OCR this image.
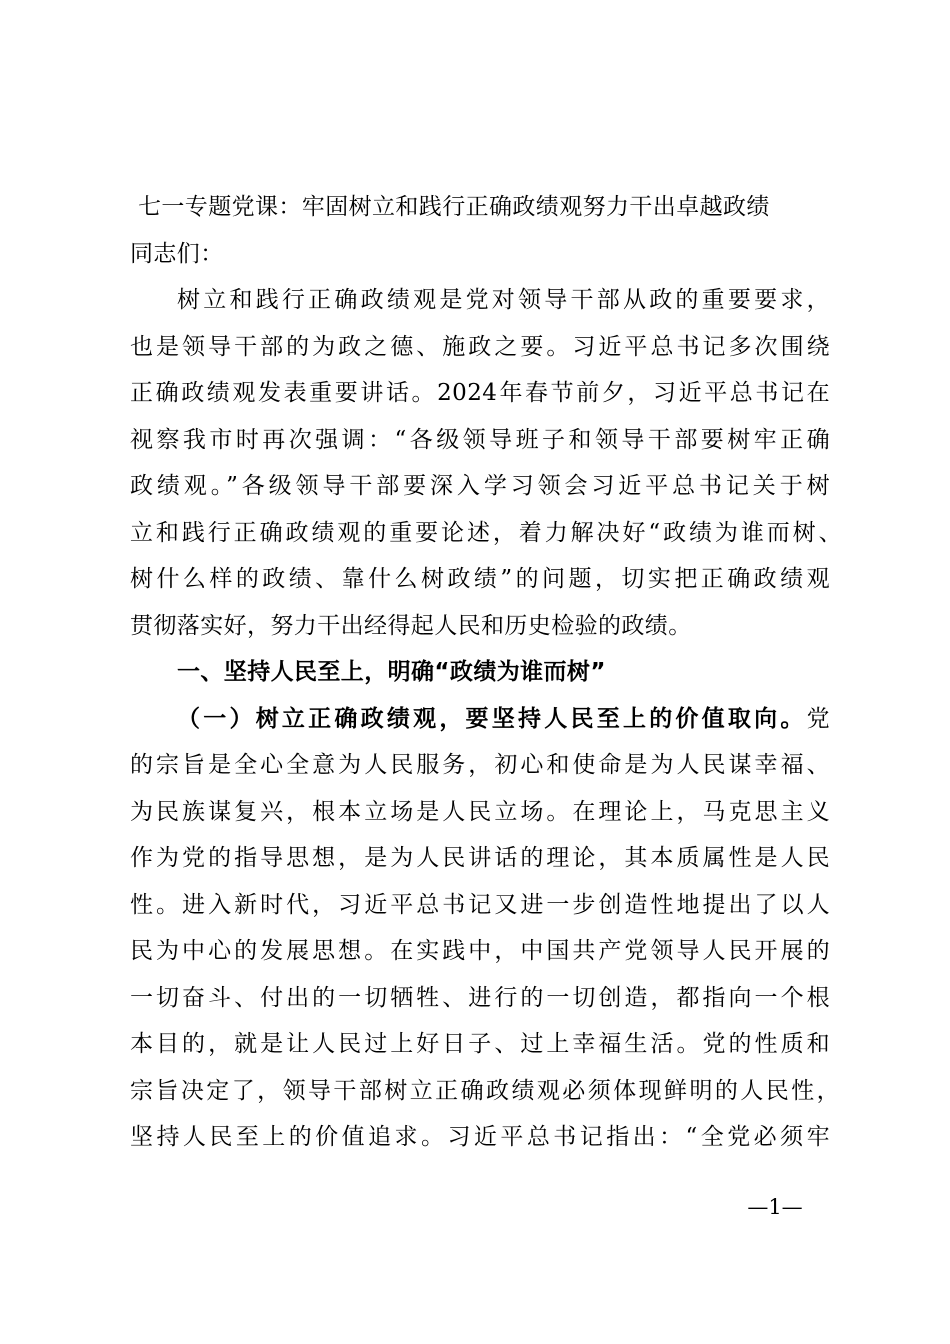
七一专题党课：牢固树立和践行正确政绩观努力干出卓越政绩
同志们：
树立和践行正确政绩观是党对领导干部从政的重要要求，
也是领导干部的为政之德、施政之要。习近平总书记多次围绕
正确政绩观发表重要讲话。2024年春节前夕，习近平总书记在
视察我市时再次强调：“各级领导班子和领导干部要树牢正确
政绩观。”各级领导干部要深入学习领会习近平总书记关于树
立和践行正确政绩观的重要论述，着力解决好“政绩为谁而树、
树什么样的政绩、靠什么树政绩”的问题，切实把正确政绩观
贯彻落实好，努力干出经得起人民和历史检验的政绩。
一、坚持人民至上，明确“政绩为谁而树”
（一）树立正确政绩观，要坚持人民至上的价值取向。党
的宗旨是全心全意为人民服务，初心和使命是为人民谋幸福、
为民族谋复兴，根本立场是人民立场。在理论上，马克思主义
作为党的指导思想，是为人民讲话的理论，其本质属性是人民
性。进入新时代，习近平总书记又进一步创造性地提出了以人
民为中心的发展思想。在实践中，中国共产党领导人民开展的
一切奋斗、付出的一切牺牲、进行的一切创造，都指向一个根
本目的，就是让人民过上好日子、过上幸福生活。党的性质和
宗旨决定了，领导干部树立正确政绩观必须体现鲜明的人民性，
坚持人民至上的价值追求。习近平总书记指出：“全党必须牢
—1—
